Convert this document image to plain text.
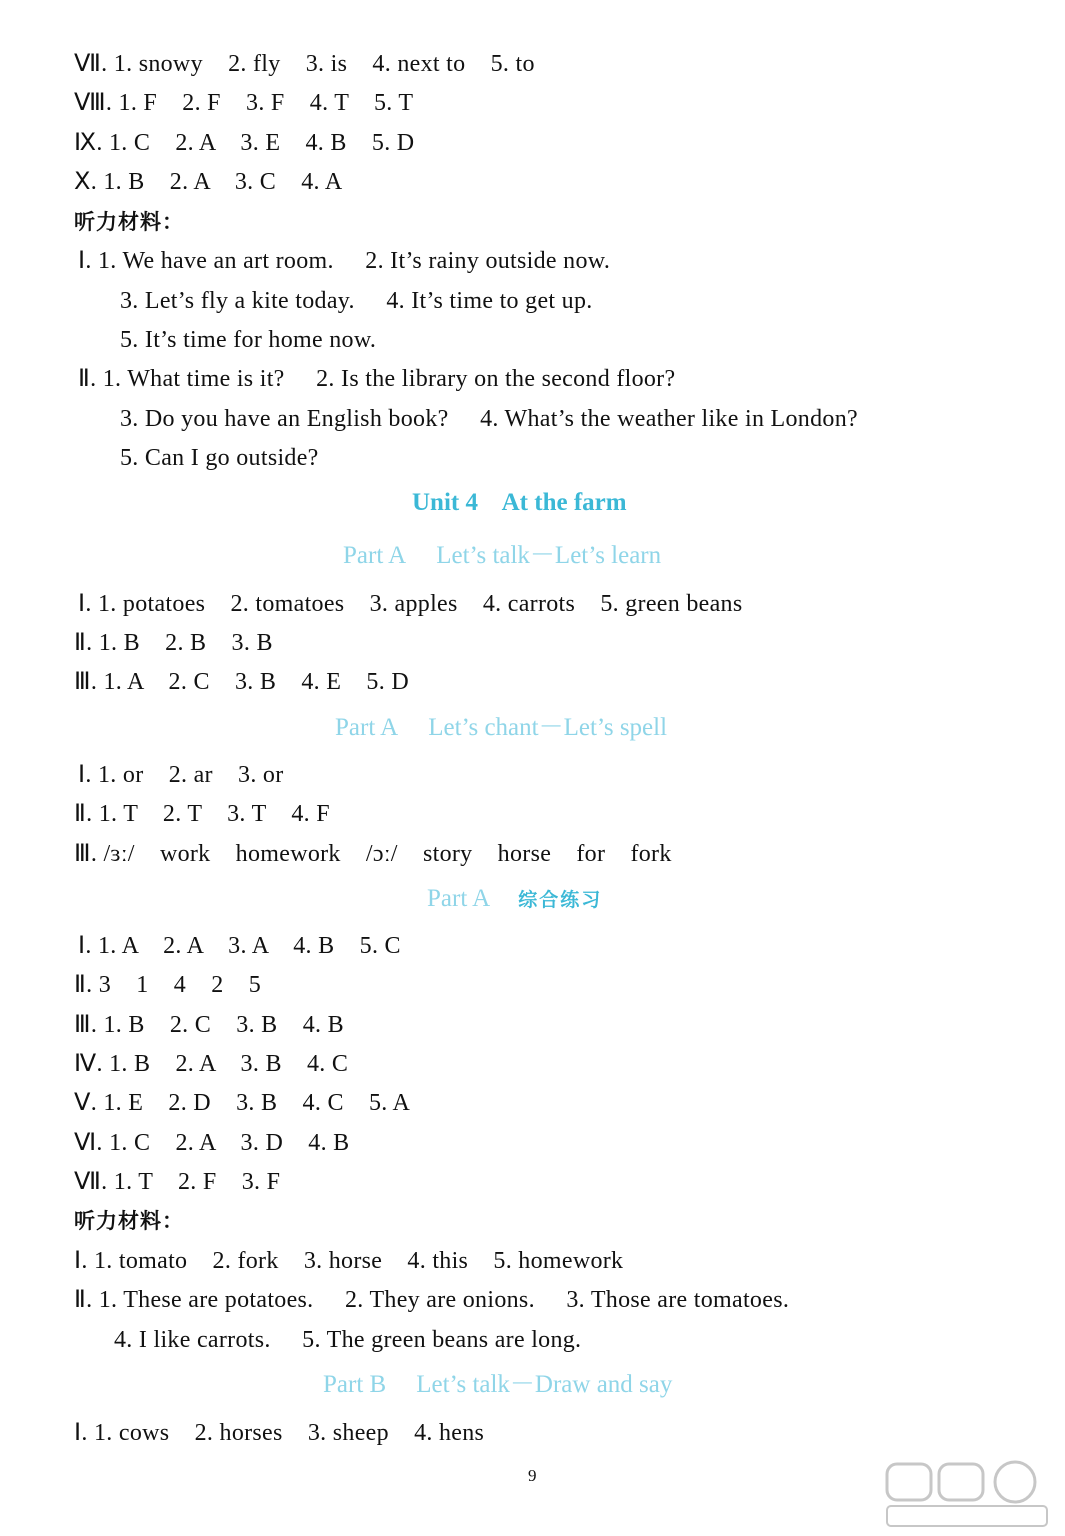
Ⅶ. 1. snowy    2. fly    3. is    4. next to    5. to
Ⅷ. 1. F    2. F    3. F    4. T    5. T
Ⅸ. 1. C    2. A    3. E    4. B    5. D
Ⅹ. 1. B    2. A    3. C    4. A
听力材料：
Ⅰ. 1. We have an art room.     2. It’s rainy outside now.
3. Let’s fly a kite today.     4. It’s time to get up.
5. It’s time for home now.
Ⅱ. 1. What time is it?     2. Is the library on the second floor?
3. Do you have an English book?     4. What’s the weather like in London?
5. Can I go outside?
Unit 4 At the farm
Part A Let’s talk－Let’s learn
Ⅰ. 1. potatoes    2. tomatoes    3. apples    4. carrots    5. green beans
Ⅱ. 1. B    2. B    3. B
Ⅲ. 1. A    2. C    3. B    4. E    5. D
Part A Let’s chant－Let’s spell
Ⅰ. 1. or    2. ar    3. or
Ⅱ. 1. T    2. T    3. T    4. F
Ⅲ. /ɜː/    work    homework    /ɔː/    story    horse    for    fork
Part A 综合练习
Ⅰ. 1. A    2. A    3. A    4. B    5. C
Ⅱ. 3    1    4    2    5
Ⅲ. 1. B    2. C    3. B    4. B
Ⅳ. 1. B    2. A    3. B    4. C
Ⅴ. 1. E    2. D    3. B    4. C    5. A
Ⅵ. 1. C    2. A    3. D    4. B
Ⅶ. 1. T    2. F    3. F
听力材料：
Ⅰ. 1. tomato    2. fork    3. horse    4. this    5. homework
Ⅱ. 1. These are potatoes.     2. They are onions.     3. Those are tomatoes.
4. I like carrots.     5. The green beans are long.
Part B Let’s talk－Draw and say
Ⅰ. 1. cows    2. horses    3. sheep    4. hens
9
